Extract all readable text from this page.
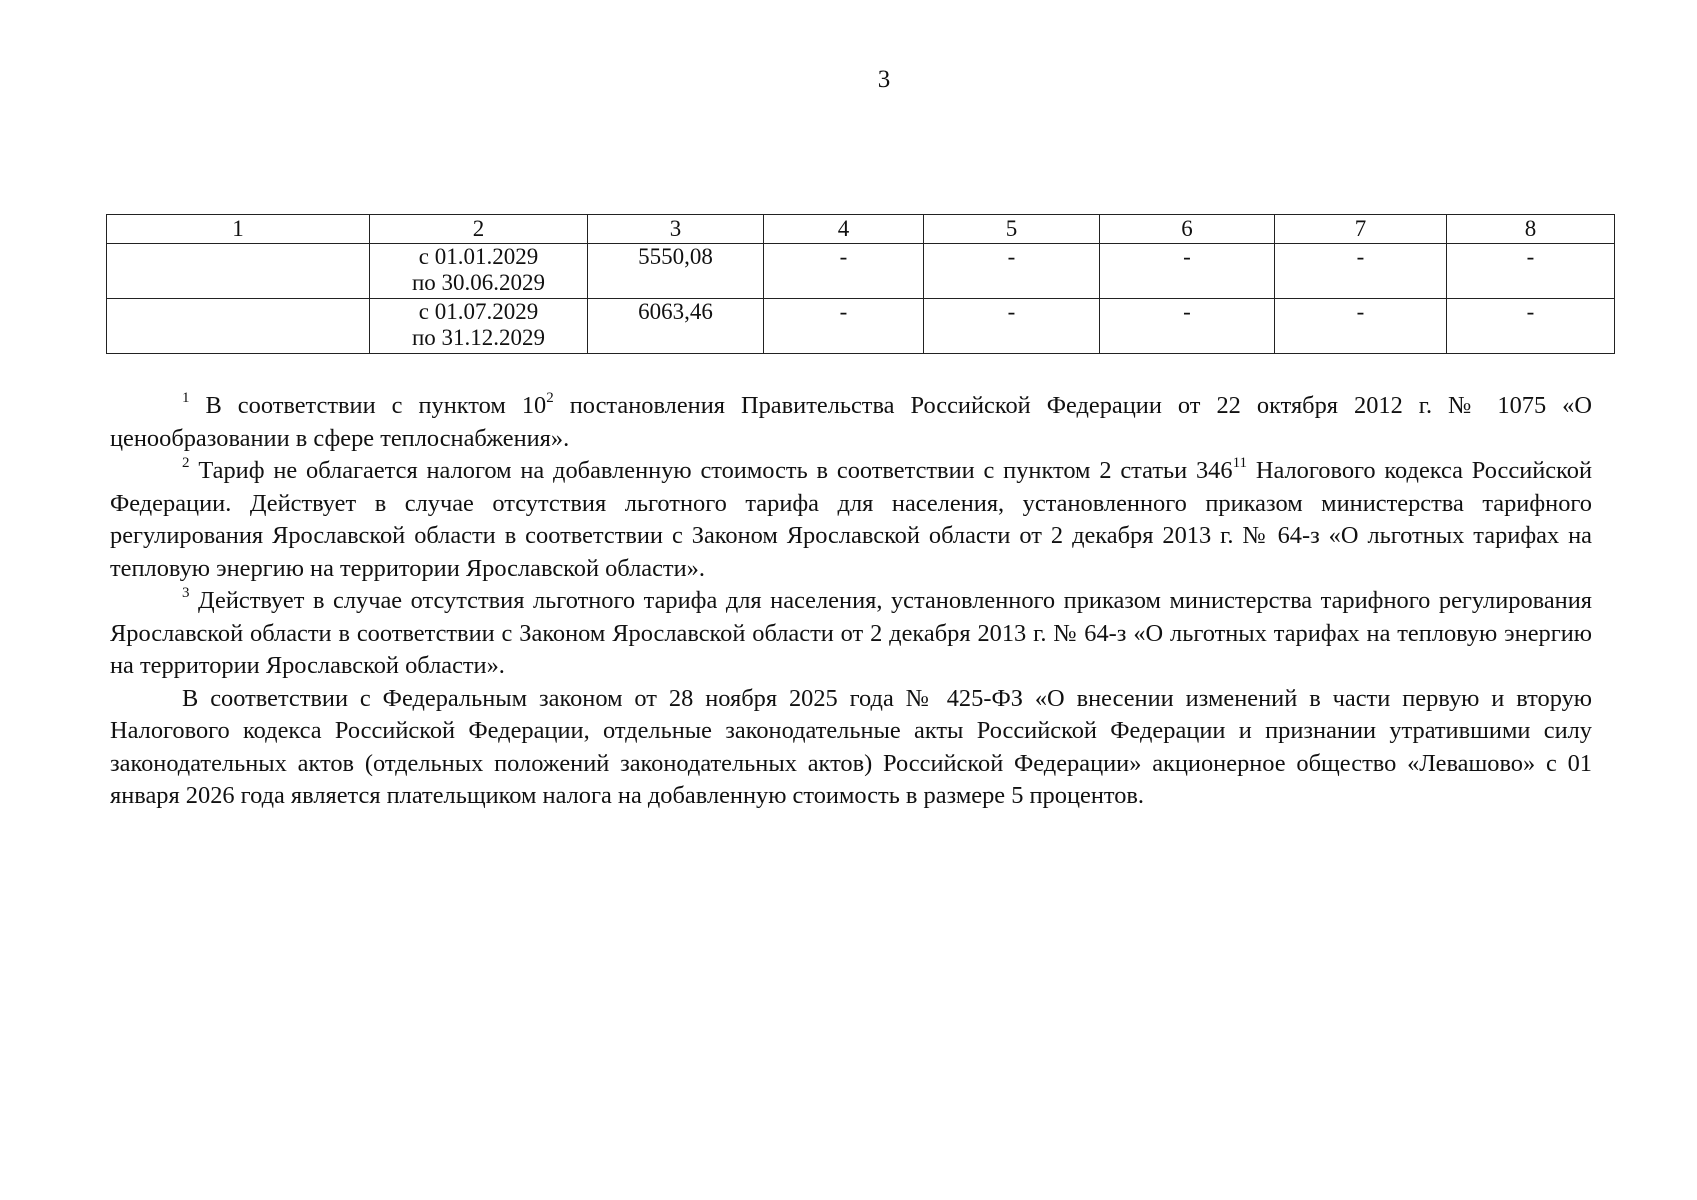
3
1	2	3	4	5	6	7	8

	с 01.01.2029
по 30.06.2029	5550,08	-	-	-	-	-

	с 01.07.2029
по 31.12.2029	6063,46	-	-	-	-	-

$^1$ В соответствии с пунктом $10^2$ постановления Правительства Российской Федерации от 22 октября 2012 г. № 1075 «О ценообразовании в сфере теплоснабжения».

$^2$ Тариф не облагается налогом на добавленную стоимость в соответствии с пунктом 2 статьи $346^{11}$ Налогового кодекса Российской Федерации. Действует в случае отсутствия льготного тарифа для населения, установленного приказом министерства тарифного регулирования Ярославской области в соответствии с Законом Ярославской области от 2 декабря 2013 г. № 64-з «О льготных тарифах на тепловую энергию на территории Ярославской области».

$^3$ Действует в случае отсутствия льготного тарифа для населения, установленного приказом министерства тарифного регулирования Ярославской области в соответствии с Законом Ярославской области от 2 декабря 2013 г. № 64-з «О льготных тарифах на тепловую энергию на территории Ярославской области».

В соответствии с Федеральным законом от 28 ноября 2025 года № 425-ФЗ «О внесении изменений в части первую и вторую Налогового кодекса Российской Федерации, отдельные законодательные акты Российской Федерации и признании утратившими силу законодательных актов (отдельных положений законодательных актов) Российской Федерации» акционерное общество «Левашово» с 01 января 2026 года является плательщиком налога на добавленную стоимость в размере 5 процентов.
